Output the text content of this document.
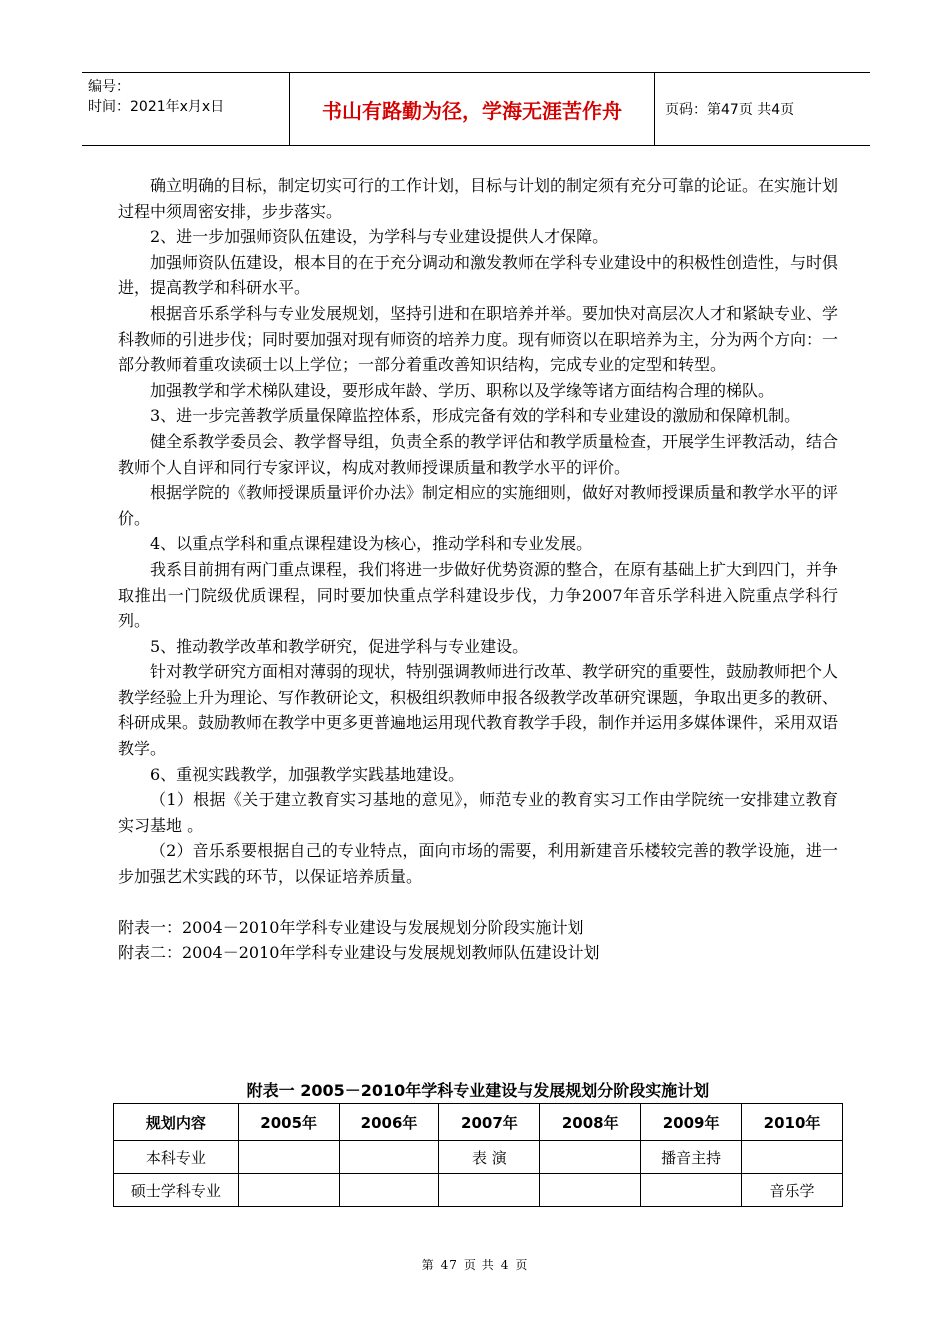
编号：
时间：2021年x月x日	书山有路勤为径，学海无涯苦作舟	页码：第47页 共4页

确立明确的目标，制定切实可行的工作计划，目标与计划的制定须有充分可靠的论证。在实施计划过程中须周密安排，步步落实。

2、进一步加强师资队伍建设，为学科与专业建设提供人才保障。

加强师资队伍建设，根本目的在于充分调动和激发教师在学科专业建设中的积极性创造性，与时俱进，提高教学和科研水平。

根据音乐系学科与专业发展规划，坚持引进和在职培养并举。要加快对高层次人才和紧缺专业、学科教师的引进步伐；同时要加强对现有师资的培养力度。现有师资以在职培养为主，分为两个方向：一部分教师着重攻读硕士以上学位；一部分着重改善知识结构，完成专业的定型和转型。

加强教学和学术梯队建设，要形成年龄、学历、职称以及学缘等诸方面结构合理的梯队。

3、进一步完善教学质量保障监控体系，形成完备有效的学科和专业建设的激励和保障机制。

健全系教学委员会、教学督导组，负责全系的教学评估和教学质量检查，开展学生评教活动，结合教师个人自评和同行专家评议，构成对教师授课质量和教学水平的评价。

根据学院的《教师授课质量评价办法》制定相应的实施细则，做好对教师授课质量和教学水平的评价。

4、以重点学科和重点课程建设为核心，推动学科和专业发展。

我系目前拥有两门重点课程，我们将进一步做好优势资源的整合，在原有基础上扩大到四门，并争取推出一门院级优质课程，同时要加快重点学科建设步伐，力争2007年音乐学科进入院重点学科行列。

5、推动教学改革和教学研究，促进学科与专业建设。

针对教学研究方面相对薄弱的现状，特别强调教师进行改革、教学研究的重要性，鼓励教师把个人教学经验上升为理论、写作教研论文，积极组织教师申报各级教学改革研究课题，争取出更多的教研、科研成果。鼓励教师在教学中更多更普遍地运用现代教育教学手段，制作并运用多媒体课件，采用双语教学。

6、重视实践教学，加强教学实践基地建设。

（1）根据《关于建立教育实习基地的意见》，师范专业的教育实习工作由学院统一安排建立教育实习基地 。

（2）音乐系要根据自己的专业特点，面向市场的需要，利用新建音乐楼较完善的教学设施，进一步加强艺术实践的环节，以保证培养质量。

附表一：2004－2010年学科专业建设与发展规划分阶段实施计划

附表二：2004－2010年学科专业建设与发展规划教师队伍建设计划

附表一 2005－2010年学科专业建设与发展规划分阶段实施计划
规划内容	2005年	2006年	2007年	2008年	2009年	2010年
本科专业			表 演		播音主持	
硕士学科专业						音乐学
第 47 页 共 4 页
